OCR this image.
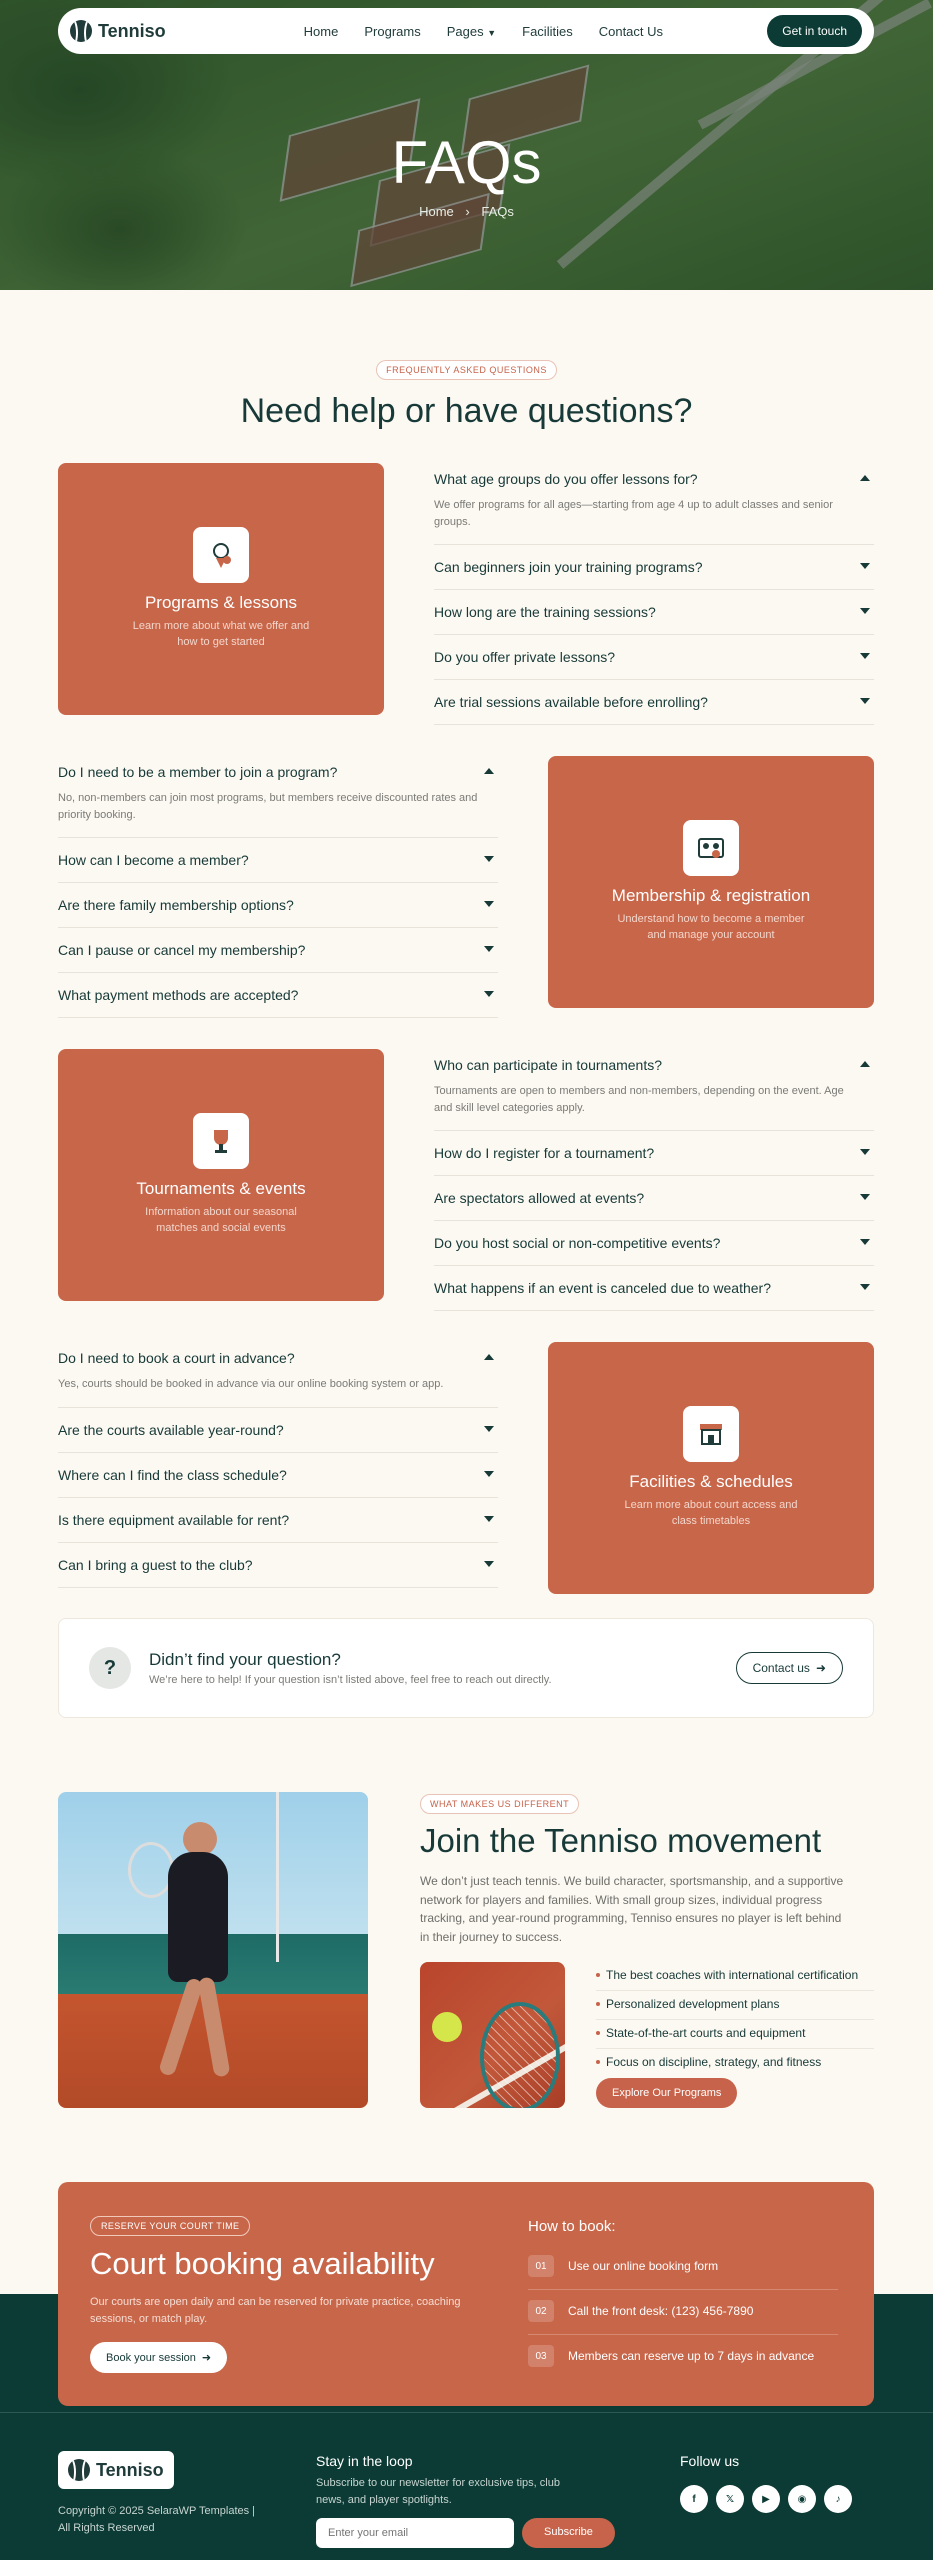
Tenniso	Home Programs Pages ▼ Facilities Contact Us	Get in touch
FAQs
Home › FAQs
FREQUENTLY ASKED QUESTIONS
Need help or have questions?
Programs & lessons
Learn more about what we offer and how to get started
What age groups do you offer lessons for?
We offer programs for all ages—starting from age 4 up to adult classes and senior groups.
Can beginners join your training programs?
How long are the training sessions?
Do you offer private lessons?
Are trial sessions available before enrolling?
Do I need to be a member to join a program?
No, non-members can join most programs, but members receive discounted rates and priority booking.
How can I become a member?
Are there family membership options?
Can I pause or cancel my membership?
What payment methods are accepted?
Membership & registration
Understand how to become a member and manage your account
Tournaments & events
Information about our seasonal matches and social events
Who can participate in tournaments?
Tournaments are open to members and non-members, depending on the event. Age and skill level categories apply.
How do I register for a tournament?
Are spectators allowed at events?
Do you host social or non-competitive events?
What happens if an event is canceled due to weather?
Do I need to book a court in advance?
Yes, courts should be booked in advance via our online booking system or app.
Are the courts available year-round?
Where can I find the class schedule?
Is there equipment available for rent?
Can I bring a guest to the club?
Facilities & schedules
Learn more about court access and class timetables
?	Didn’t find your question?
We’re here to help! If your question isn’t listed above, feel free to reach out directly.
Contact us ➜
WHAT MAKES US DIFFERENT
Join the Tenniso movement

We don’t just teach tennis. We build character, sportsmanship, and a supportive network for players and families. With small group sizes, individual progress tracking, and year-round programming, Tenniso ensures no player is left behind in their journey to success.

The best coaches with international certification
Personalized development plans
State-of-the-art courts and equipment
Focus on discipline, strategy, and fitness
Explore Our Programs
RESERVE YOUR COURT TIME
Court booking availability

Our courts are open daily and can be reserved for private practice, coaching sessions, or match play.

Book your session ➜
How to book:
01	Use our online booking form
02	Call the front desk: (123) 456-7890
03	Members can reserve up to 7 days in advance
Tenniso
Copyright © 2025 SelaraWP Templates | All Rights Reserved
Stay in the loop
Subscribe to our newsletter for exclusive tips, club news, and player spotlights.
Enter your email
Subscribe
Follow us
f	𝕏	▶	◉	♪
